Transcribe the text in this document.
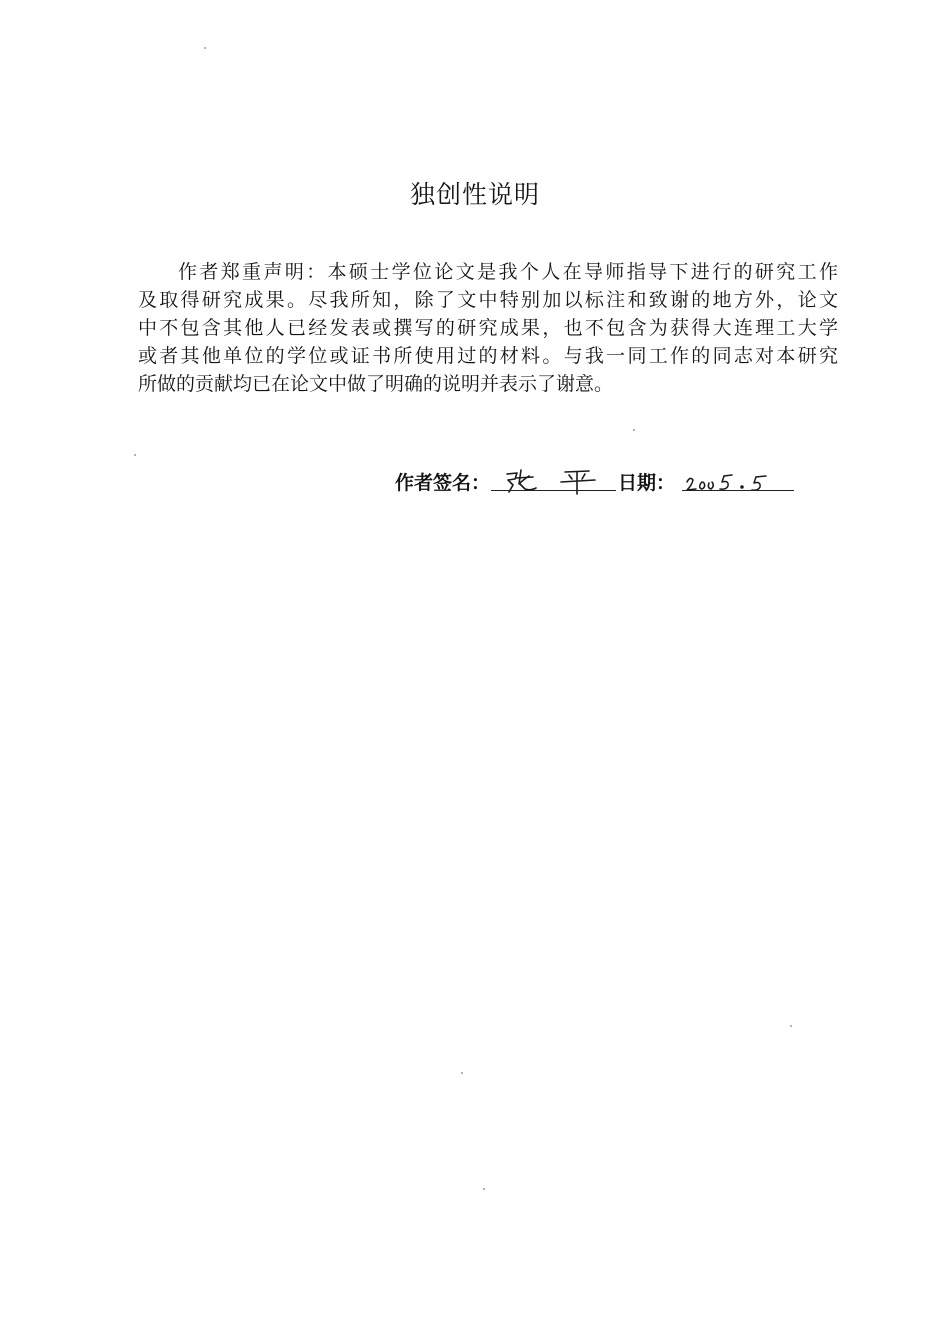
独创性说明
作者郑重声明：本硕士学位论文是我个人在导师指导下进行的研究工作
及取得研究成果。尽我所知，除了文中特别加以标注和致谢的地方外，论文
中不包含其他人已经发表或撰写的研究成果，也不包含为获得大连理工大学
或者其他单位的学位或证书所使用过的材料。与我一同工作的同志对本研究
所做的贡献均已在论文中做了明确的说明并表示了谢意。
作者签名：	日期：
